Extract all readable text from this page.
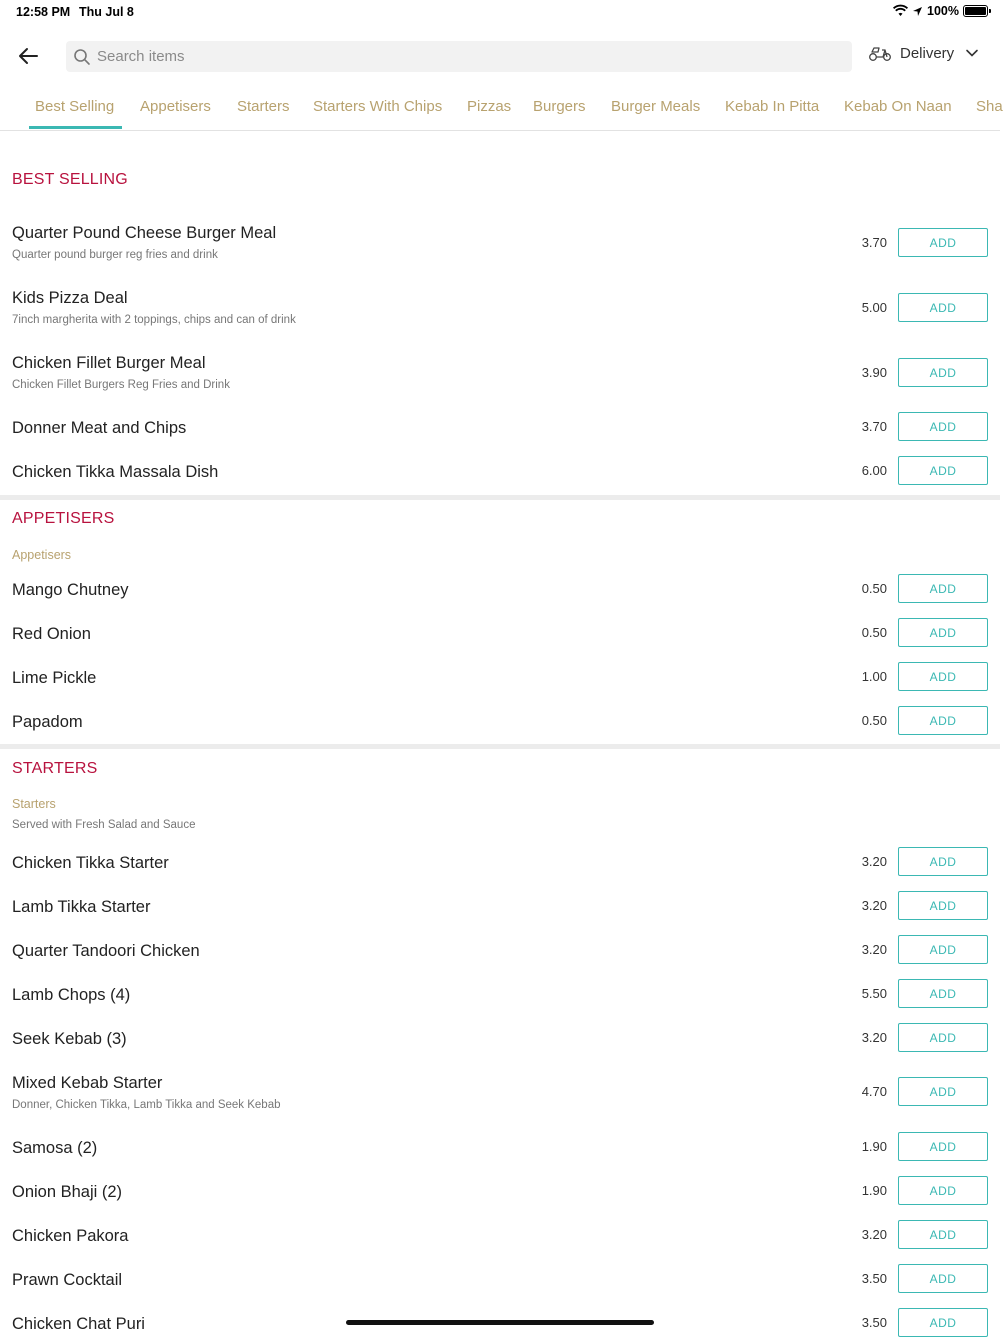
12:58 PM Thu Jul 8	100%
Search items
Delivery
Best Selling Appetisers Starters Starters With Chips Pizzas Burgers Burger Meals Kebab In Pitta Kebab On Naan Sha
BEST SELLING
Quarter Pound Cheese Burger Meal
Quarter pound burger reg fries and drink
3.70	ADD
Kids Pizza Deal
7inch margherita with 2 toppings, chips and can of drink
5.00	ADD
Chicken Fillet Burger Meal
Chicken Fillet Burgers Reg Fries and Drink
3.90	ADD
Donner Meat and Chips	3.70	ADD
Chicken Tikka Massala Dish	6.00	ADD
APPETISERS
Appetisers
Mango Chutney	0.50	ADD
Red Onion	0.50	ADD
Lime Pickle	1.00	ADD
Papadom	0.50	ADD
STARTERS
Starters
Served with Fresh Salad and Sauce
Chicken Tikka Starter	3.20	ADD
Lamb Tikka Starter	3.20	ADD
Quarter Tandoori Chicken	3.20	ADD
Lamb Chops (4)	5.50	ADD
Seek Kebab (3)	3.20	ADD
Mixed Kebab Starter
Donner, Chicken Tikka, Lamb Tikka and Seek Kebab
4.70	ADD
Samosa (2)	1.90	ADD
Onion Bhaji (2)	1.90	ADD
Chicken Pakora	3.20	ADD
Prawn Cocktail	3.50	ADD
Chicken Chat Puri	3.50	ADD
